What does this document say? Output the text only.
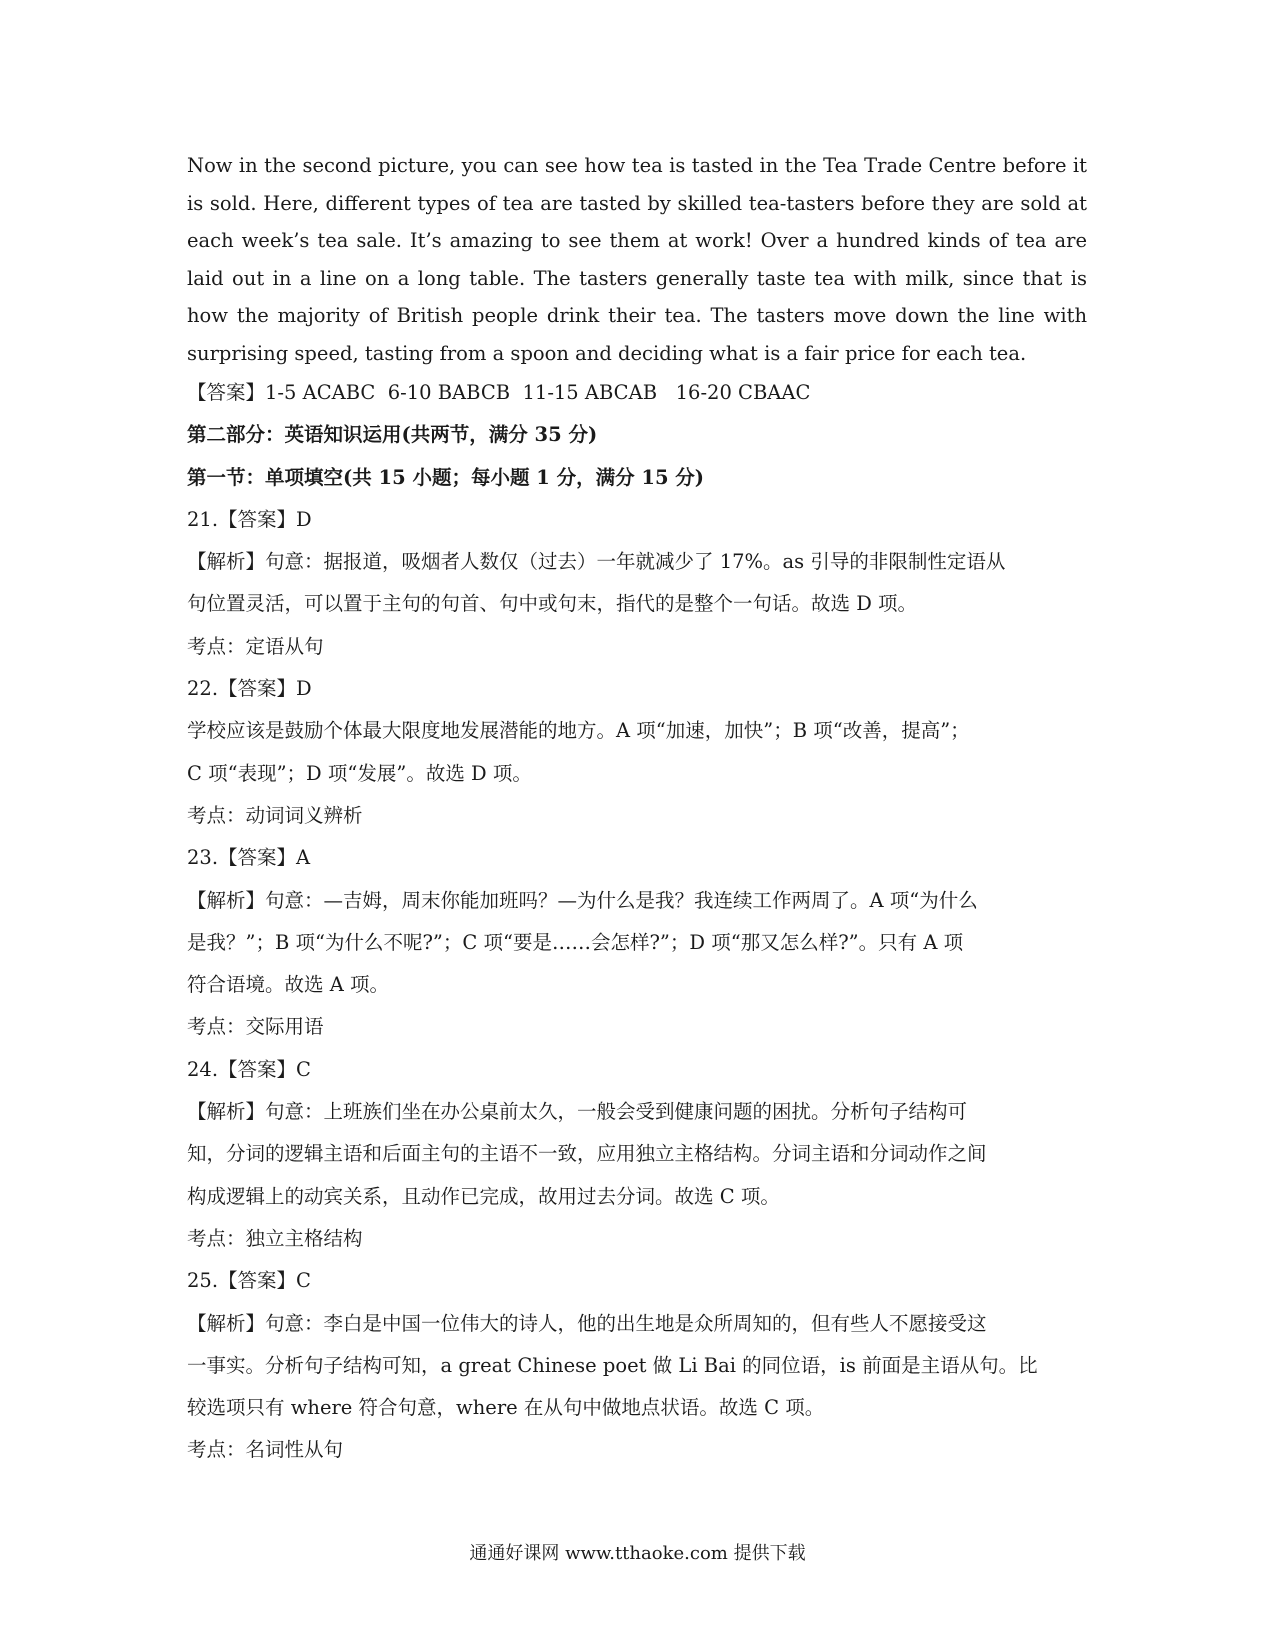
Now in the second picture, you can see how tea is tasted in the Tea Trade Centre before it is sold. Here, different types of tea are tasted by skilled tea-tasters before they are sold at each week’s tea sale. It’s amazing to see them at work! Over a hundred kinds of tea are laid out in a line on a long table. The tasters generally taste tea with milk, since that is how the majority of British people drink their tea. The tasters move down the line with surprising speed, tasting from a spoon and deciding what is a fair price for each tea.

【答案】1-5 ACABC 6-10 BABCB 11-15 ABCAB 16-20 CBAAC
第二部分：英语知识运用(共两节，满分 35 分)
第一节：单项填空(共 15 小题；每小题 1 分，满分 15 分)
21.【答案】D
【解析】句意：据报道，吸烟者人数仅（过去）一年就减少了 17%。as 引导的非限制性定语从
句位置灵活，可以置于主句的句首、句中或句末，指代的是整个一句话。故选 D 项。
考点：定语从句
22.【答案】D
学校应该是鼓励个体最大限度地发展潜能的地方。A 项“加速，加快”；B 项“改善，提高”；
C 项“表现”；D 项“发展”。故选 D 项。
考点：动词词义辨析
23.【答案】A
【解析】句意：—吉姆，周末你能加班吗？—为什么是我？我连续工作两周了。A 项“为什么
是我？”；B 项“为什么不呢?”；C 项“要是……会怎样?”；D 项“那又怎么样?”。只有 A 项
符合语境。故选 A 项。
考点：交际用语
24.【答案】C
【解析】句意：上班族们坐在办公桌前太久，一般会受到健康问题的困扰。分析句子结构可
知，分词的逻辑主语和后面主句的主语不一致，应用独立主格结构。分词主语和分词动作之间
构成逻辑上的动宾关系，且动作已完成，故用过去分词。故选 C 项。
考点：独立主格结构
25.【答案】C
【解析】句意：李白是中国一位伟大的诗人，他的出生地是众所周知的，但有些人不愿接受这
一事实。分析句子结构可知，a great Chinese poet 做 Li Bai 的同位语，is 前面是主语从句。比
较选项只有 where 符合句意，where 在从句中做地点状语。故选 C 项。
考点：名词性从句
通通好课网 www.tthaoke.com 提供下载
